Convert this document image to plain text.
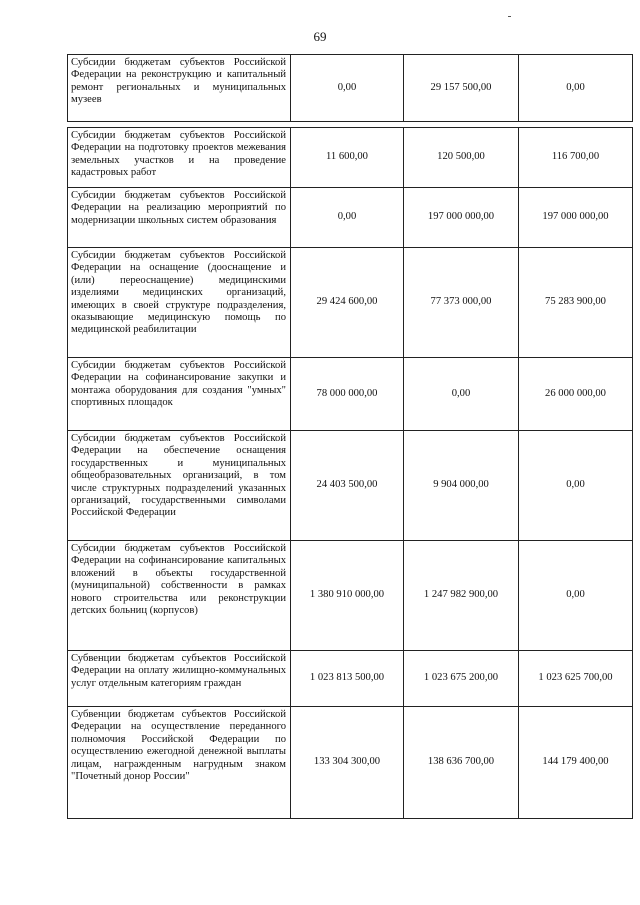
69
Субсидии бюджетам субъектов Российской Федерации на реконструкцию и капитальный ремонт региональных и муниципальных музеев	0,00	29 157 500,00	0,00

Субсидии бюджетам субъектов Российской Федерации на подготовку проектов межевания земельных участков и на проведение кадастровых работ	11 600,00	120 500,00	116 700,00
Субсидии бюджетам субъектов Российской Федерации на реализацию мероприятий по модернизации школьных систем образования	0,00	197 000 000,00	197 000 000,00
Субсидии бюджетам субъектов Российской Федерации на оснащение (дооснащение и (или) переоснащение) медицинскими изделиями медицинских организаций, имеющих в своей структуре подразделения, оказывающие медицинскую помощь по медицинской реабилитации	29 424 600,00	77 373 000,00	75 283 900,00
Субсидии бюджетам субъектов Российской Федерации на софинансирование закупки и монтажа оборудования для создания "умных" спортивных площадок	78 000 000,00	0,00	26 000 000,00
Субсидии бюджетам субъектов Российской Федерации на обеспечение оснащения государственных и муниципальных общеобразовательных организаций, в том числе структурных подразделений указанных организаций, государственными символами Российской Федерации	24 403 500,00	9 904 000,00	0,00
Субсидии бюджетам субъектов Российской Федерации на софинансирование капитальных вложений в объекты государственной (муниципальной) собственности в рамках нового строительства или реконструкции детских больниц (корпусов)	1 380 910 000,00	1 247 982 900,00	0,00
Субвенции бюджетам субъектов Российской Федерации на оплату жилищно-коммунальных услуг отдельным категориям граждан	1 023 813 500,00	1 023 675 200,00	1 023 625 700,00
Субвенции бюджетам субъектов Российской Федерации на осуществление переданного полномочия Российской Федерации по осуществлению ежегодной денежной выплаты лицам, награжденным нагрудным знаком "Почетный донор России"	133 304 300,00	138 636 700,00	144 179 400,00
